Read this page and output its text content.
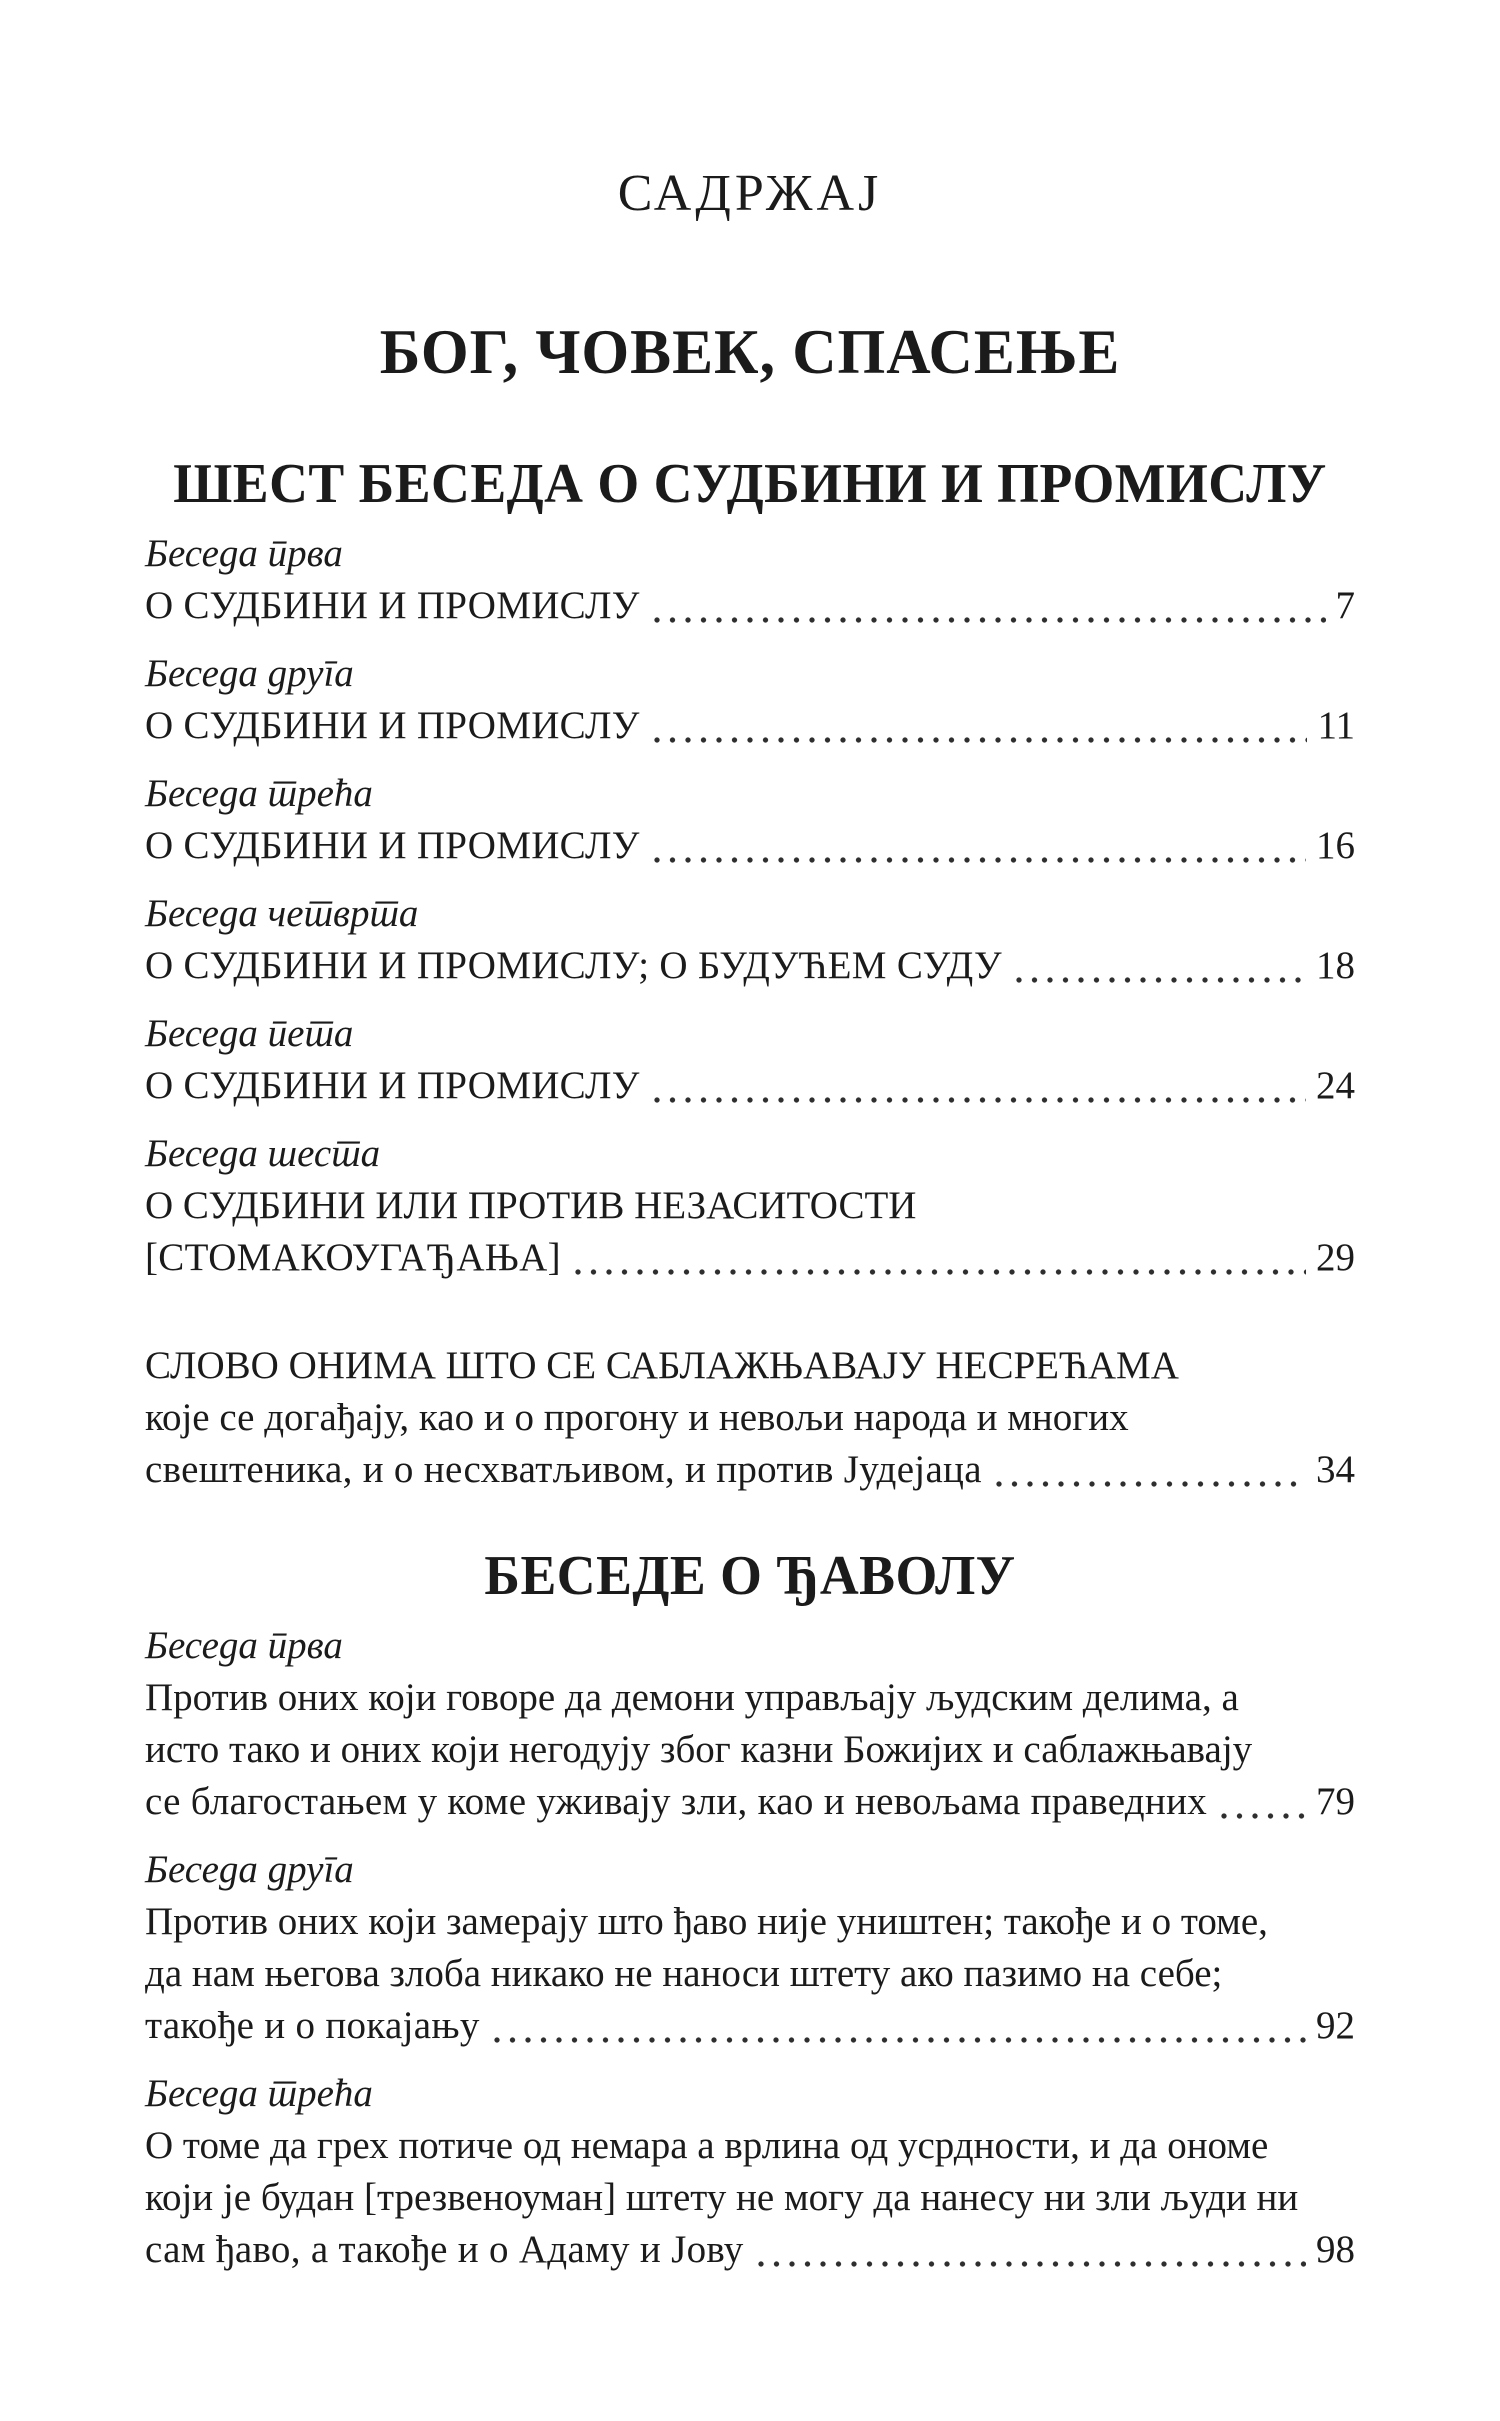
САДРЖАЈ
БОГ, ЧОВЕК, СПАСЕЊЕ
ШЕСТ БЕСЕДА О СУДБИНИ И ПРОМИСЛУ
Беседа прва
О СУДБИНИ И ПРОМИСЛУ	7
Беседа друга
О СУДБИНИ И ПРОМИСЛУ	11
Беседа трећа
О СУДБИНИ И ПРОМИСЛУ	16
Беседа четврта
О СУДБИНИ И ПРОМИСЛУ; О БУДУЋЕМ СУДУ	18
Беседа пета
О СУДБИНИ И ПРОМИСЛУ	24
Беседа шеста
О СУДБИНИ ИЛИ ПРОТИВ НЕЗАСИТОСТИ
[СТОМАКОУГАЂАЊА]	29
СЛОВО ОНИМА ШТО СЕ САБЛАЖЊАВАЈУ НЕСРЕЋАМА
које се догађају, као и о прогону и невољи народа и многих
свештеника, и о несхватљивом, и против Јудејаца	34
БЕСЕДЕ О ЂАВОЛУ
Беседа прва
Против оних који говоре да демони управљају људским делима, а
исто тако и оних који негодују због казни Божијих и саблажњавају
се благостањем у коме уживају зли, као и невољама праведних	79
Беседа друга
Против оних који замерају што ђаво није уништен; такође и о томе,
да нам његова злоба никако не наноси штету ако пазимо на себе;
такође и о покајању	92
Беседа трећа
О томе да грех потиче од немара а врлина од усрдности, и да ономе
који је будан [трезвеноуман] штету не могу да нанесу ни зли људи ни
сам ђаво, а такође и о Адаму и Јову	98
